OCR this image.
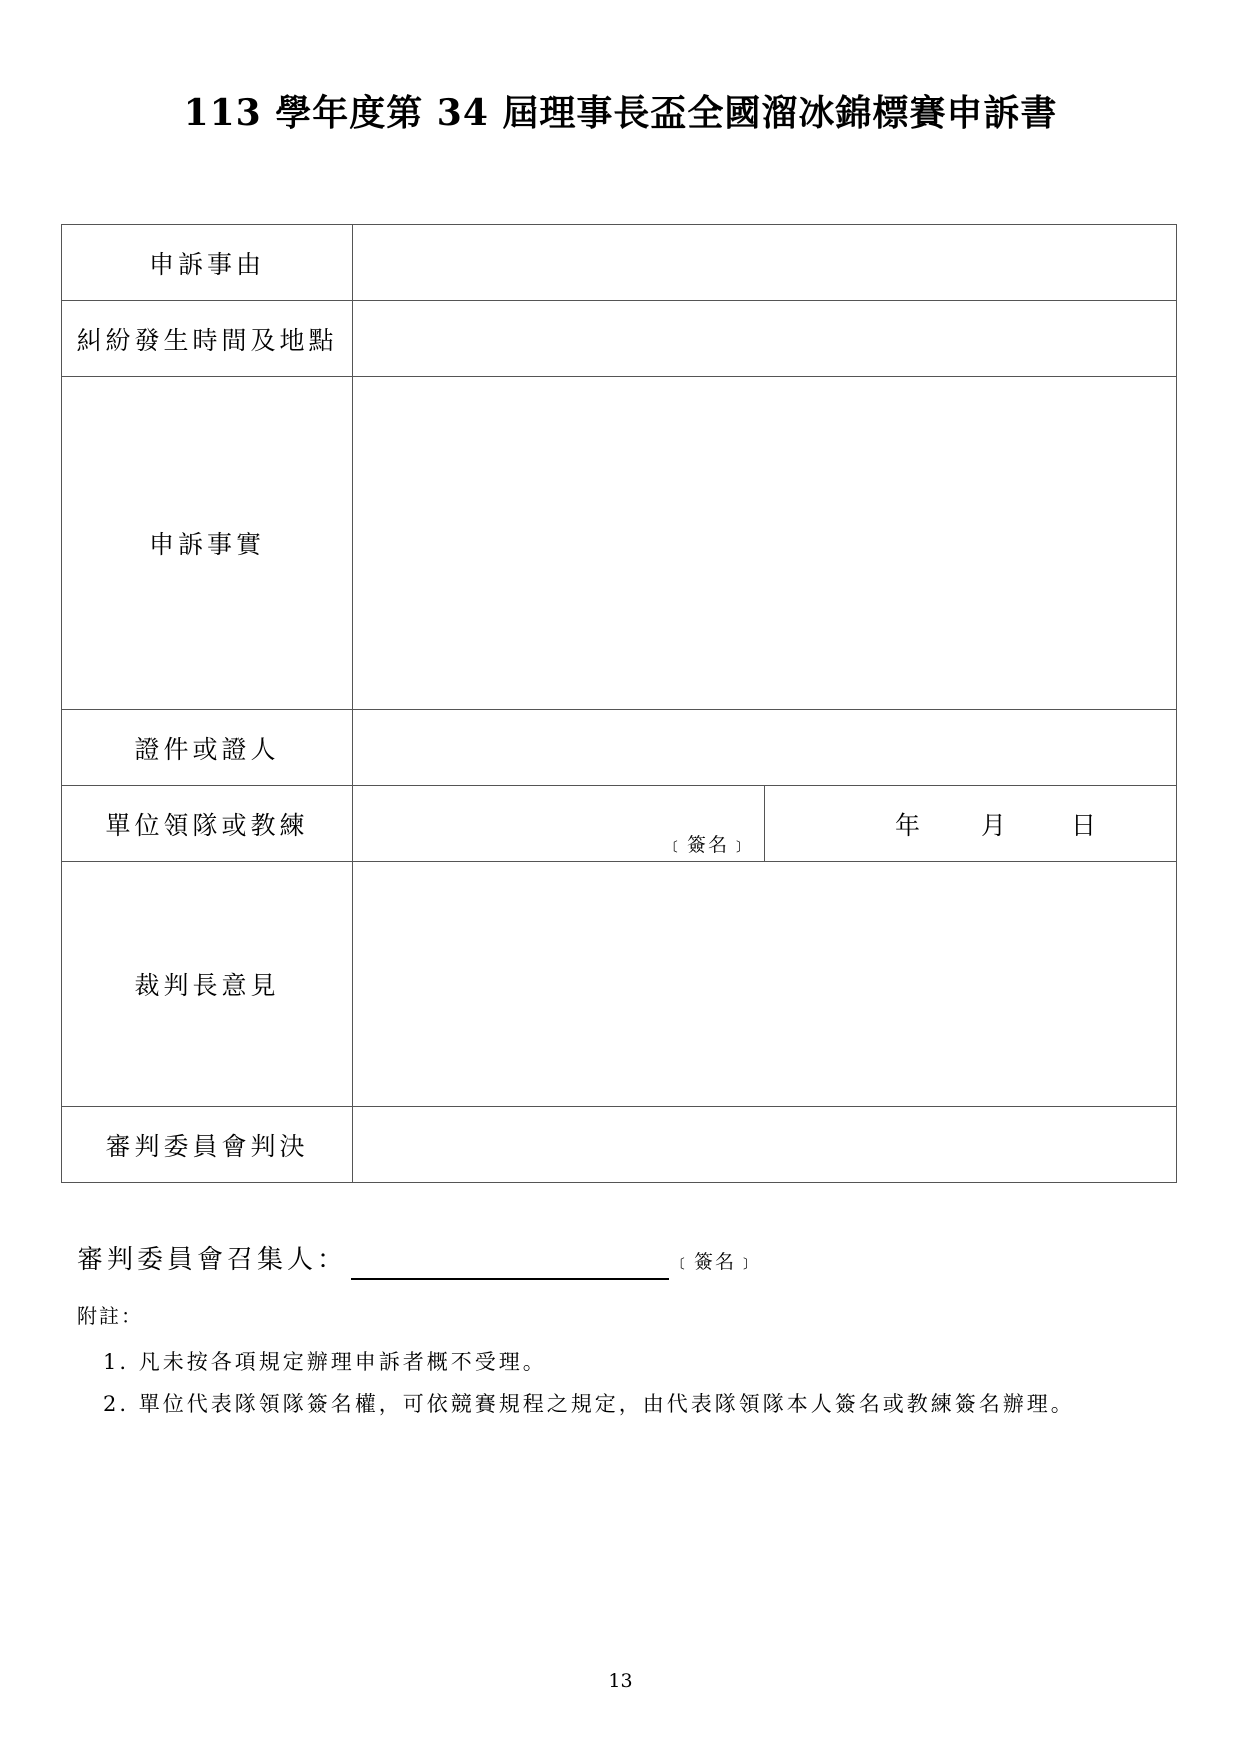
113 學年度第 34 屆理事長盃全國溜冰錦標賽申訴書
申訴事由		
糾紛發生時間及地點		
申訴事實		
證件或證人		
單位領隊或教練	﹝簽名﹞	年 月 日

裁判長意見		
審判委員會判決		
審判委員會召集人：	﹝簽名﹞
附註：
1. 凡未按各項規定辦理申訴者概不受理。
2. 單位代表隊領隊簽名權，可依競賽規程之規定，由代表隊領隊本人簽名或教練簽名辦理。
13
